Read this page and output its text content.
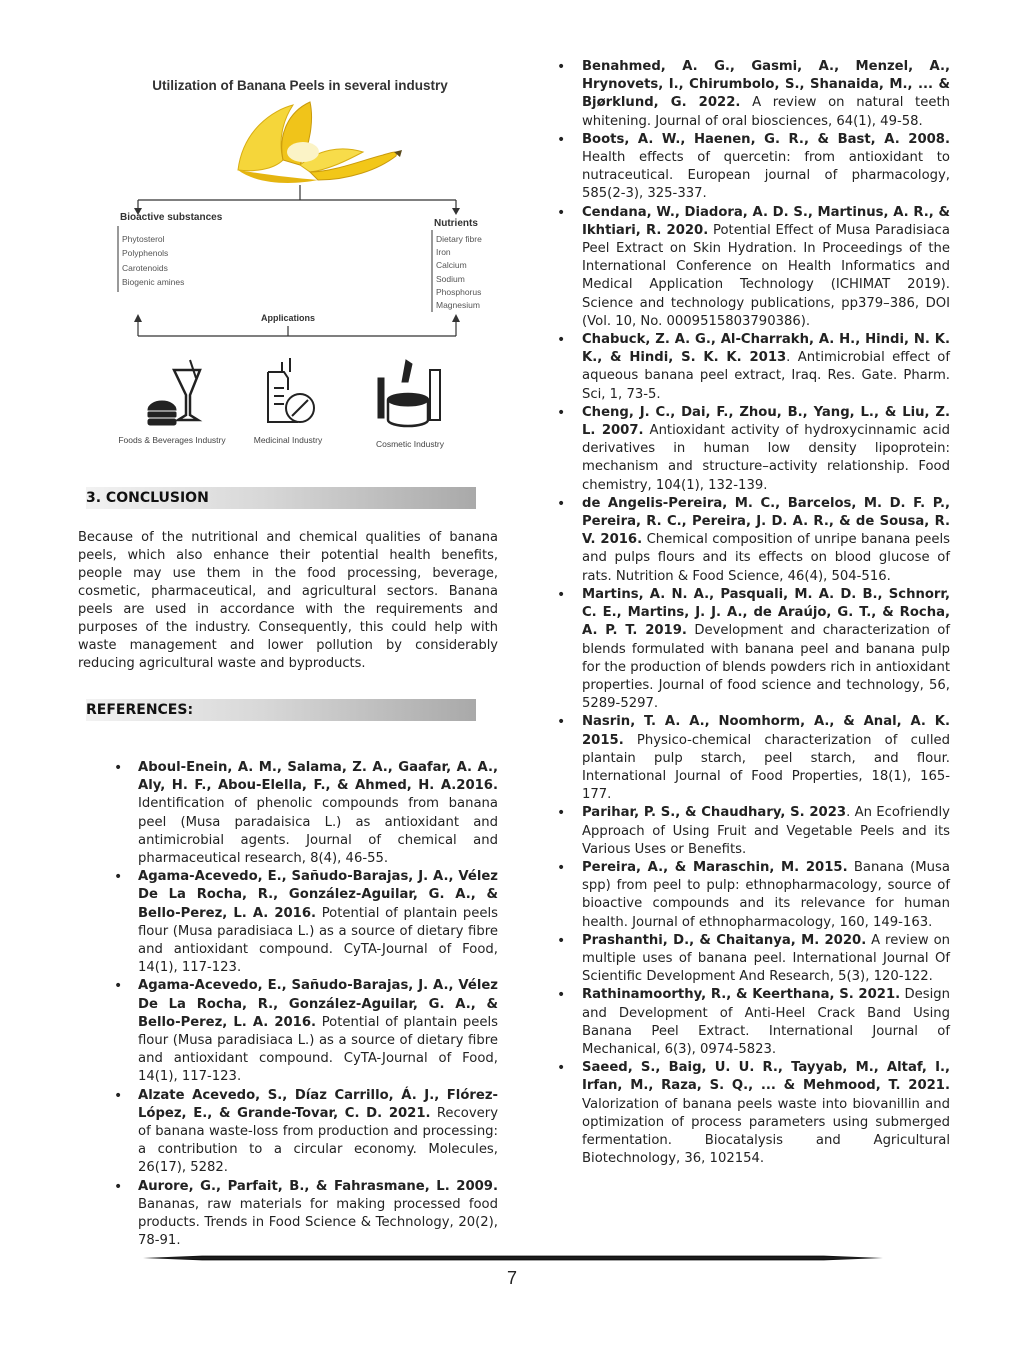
Utilization of Banana Peels in several industry
Bioactive substances
Phytosterol
Polyphenols
Carotenoids
Biogenic amines
Nutrients
Dietary fibre
Iron
Calcium
Sodium
Phosphorus
Magnesium
Applications
Foods & Beverages Industry	Medicinal Industry	Cosmetic Industry
3. CONCLUSION
Because of the nutritional and chemical qualities of banana peels, which also enhance their potential health benefits, people may use them in the food processing, beverage, cosmetic, pharmaceutical, and agricultural sectors. Banana peels are used in accordance with the requirements and purposes of the industry. Consequently, this could help with waste management and lower pollution by considerably reducing agricultural waste and byproducts.
REFERENCES:
• Aboul-Enein, A. M., Salama, Z. A., Gaafar, A. A., Aly, H. F., Abou-Elella, F., & Ahmed, H. A.2016. Identification of phenolic compounds from banana peel (Musa paradaisica L.) as antioxidant and antimicrobial agents. Journal of chemical and pharmaceutical research, 8(4), 46-55.
• Agama-Acevedo, E., Sañudo-Barajas, J. A., Vélez De La Rocha, R., González-Aguilar, G. A., & Bello-Perez, L. A. 2016. Potential of plantain peels flour (Musa paradisiaca L.) as a source of dietary fibre and antioxidant compound. CyTA-Journal of Food, 14(1), 117-123.
• Agama-Acevedo, E., Sañudo-Barajas, J. A., Vélez De La Rocha, R., González-Aguilar, G. A., & Bello-Perez, L. A. 2016. Potential of plantain peels flour (Musa paradisiaca L.) as a source of dietary fibre and antioxidant compound. CyTA-Journal of Food, 14(1), 117-123.
• Alzate Acevedo, S., Díaz Carrillo, Á. J., Flórez-López, E., & Grande-Tovar, C. D. 2021. Recovery of banana waste-loss from production and processing: a contribution to a circular economy. Molecules, 26(17), 5282.
• Aurore, G., Parfait, B., & Fahrasmane, L. 2009. Bananas, raw materials for making processed food products. Trends in Food Science & Technology, 20(2), 78-91.
• Benahmed, A. G., Gasmi, A., Menzel, A., Hrynovets, I., Chirumbolo, S., Shanaida, M., ... & Bjørklund, G. 2022. A review on natural teeth whitening. Journal of oral biosciences, 64(1), 49-58.
• Boots, A. W., Haenen, G. R., & Bast, A. 2008. Health effects of quercetin: from antioxidant to nutraceutical. European journal of pharmacology, 585(2-3), 325-337.
• Cendana, W., Diadora, A. D. S., Martinus, A. R., & Ikhtiari, R. 2020. Potential Effect of Musa Paradisiaca Peel Extract on Skin Hydration. In Proceedings of the International Conference on Health Informatics and Medical Application Technology (ICHIMAT 2019). Science and technology publications, pp379–386, DOI (Vol. 10, No. 0009515803790386).
• Chabuck, Z. A. G., Al-Charrakh, A. H., Hindi, N. K. K., & Hindi, S. K. K. 2013. Antimicrobial effect of aqueous banana peel extract, Iraq. Res. Gate. Pharm. Sci, 1, 73-5.
• Cheng, J. C., Dai, F., Zhou, B., Yang, L., & Liu, Z. L. 2007. Antioxidant activity of hydroxycinnamic acid derivatives in human low density lipoprotein: mechanism and structure–activity relationship. Food chemistry, 104(1), 132-139.
• de Angelis-Pereira, M. C., Barcelos, M. D. F. P., Pereira, R. C., Pereira, J. D. A. R., & de Sousa, R. V. 2016. Chemical composition of unripe banana peels and pulps flours and its effects on blood glucose of rats. Nutrition & Food Science, 46(4), 504-516.
• Martins, A. N. A., Pasquali, M. A. D. B., Schnorr, C. E., Martins, J. J. A., de Araújo, G. T., & Rocha, A. P. T. 2019. Development and characterization of blends formulated with banana peel and banana pulp for the production of blends powders rich in antioxidant properties. Journal of food science and technology, 56, 5289-5297.
• Nasrin, T. A. A., Noomhorm, A., & Anal, A. K. 2015. Physico-chemical characterization of culled plantain pulp starch, peel starch, and flour. International Journal of Food Properties, 18(1), 165-177.
• Parihar, P. S., & Chaudhary, S. 2023. An Ecofriendly Approach of Using Fruit and Vegetable Peels and its Various Uses or Benefits.
• Pereira, A., & Maraschin, M. 2015. Banana (Musa spp) from peel to pulp: ethnopharmacology, source of bioactive compounds and its relevance for human health. Journal of ethnopharmacology, 160, 149-163.
• Prashanthi, D., & Chaitanya, M. 2020. A review on multiple uses of banana peel. International Journal Of Scientific Development And Research, 5(3), 120-122.
• Rathinamoorthy, R., & Keerthana, S. 2021. Design and Development of Anti-Heel Crack Band Using Banana Peel Extract. International Journal of Mechanical, 6(3), 0974-5823.
• Saeed, S., Baig, U. U. R., Tayyab, M., Altaf, I., Irfan, M., Raza, S. Q., ... & Mehmood, T. 2021. Valorization of banana peels waste into biovanillin and optimization of process parameters using submerged fermentation. Biocatalysis and Agricultural Biotechnology, 36, 102154.
7
